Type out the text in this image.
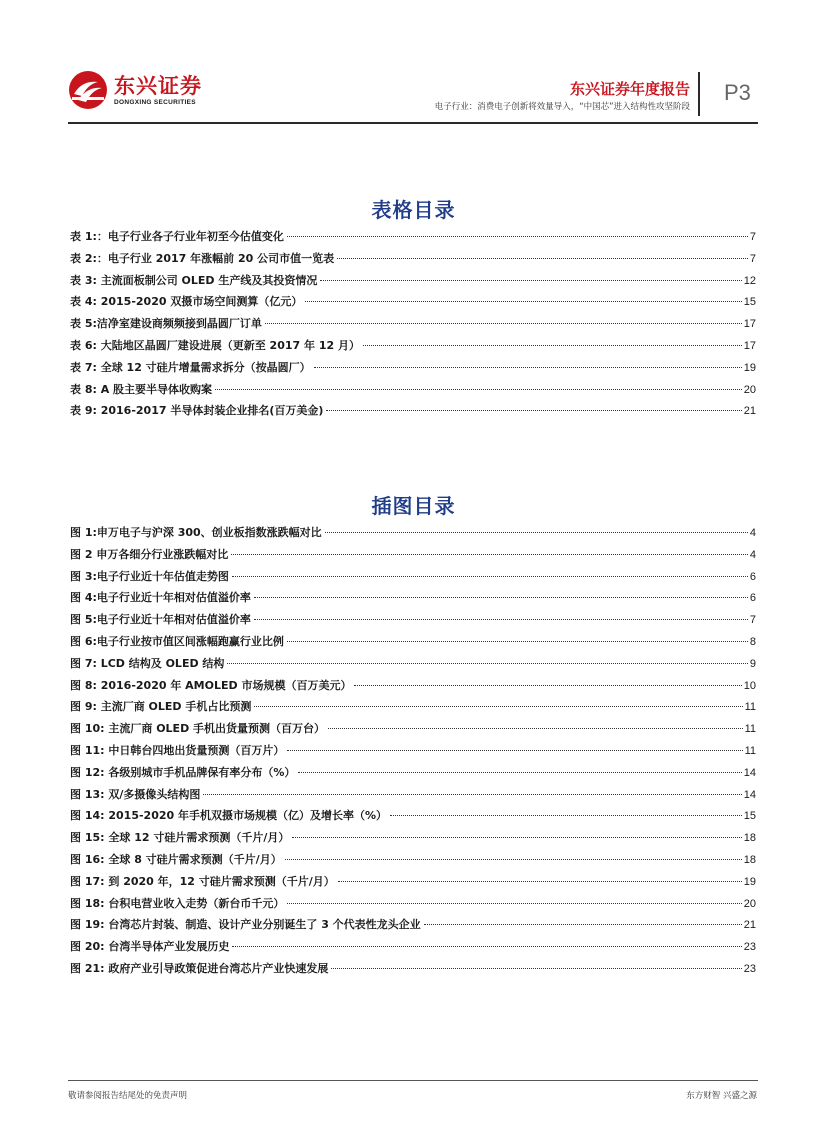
东兴证券
DONGXING SECURITIES
东兴证券年度报告
电子行业：消费电子创新将效量导入，“中国芯”进入结构性攻坚阶段
P3
表格目录
表 1:：电子行业各子行业年初至今估值变化	7
表 2:：电子行业 2017 年涨幅前 20 公司市值一览表	7
表 3: 主流面板制公司 OLED 生产线及其投资情况	12
表 4: 2015-2020 双摄市场空间测算（亿元）	15
表 5:洁净室建设商频频接到晶圆厂订单	17
表 6: 大陆地区晶圆厂建设进展（更新至 2017 年 12 月）	17
表 7: 全球 12 寸硅片增量需求拆分（按晶圆厂）	19
表 8: A 股主要半导体收购案	20
表 9: 2016-2017 半导体封装企业排名(百万美金)	21
插图目录
图 1:申万电子与沪深 300、创业板指数涨跌幅对比	4
图 2 申万各细分行业涨跌幅对比	4
图 3:电子行业近十年估值走势图	6
图 4:电子行业近十年相对估值溢价率	6
图 5:电子行业近十年相对估值溢价率	7
图 6:电子行业按市值区间涨幅跑赢行业比例	8
图 7: LCD 结构及 OLED 结构	9
图 8: 2016-2020 年 AMOLED 市场规模（百万美元）	10
图 9: 主流厂商 OLED 手机占比预测	11
图 10: 主流厂商 OLED 手机出货量预测（百万台）	11
图 11: 中日韩台四地出货量预测（百万片）	11
图 12: 各级别城市手机品牌保有率分布（%）	14
图 13: 双/多摄像头结构图	14
图 14: 2015-2020 年手机双摄市场规模（亿）及增长率（%）	15
图 15: 全球 12 寸硅片需求预测（千片/月）	18
图 16: 全球 8 寸硅片需求预测（千片/月）	18
图 17: 到 2020 年，12 寸硅片需求预测（千片/月）	19
图 18: 台积电营业收入走势（新台币千元）	20
图 19: 台湾芯片封装、制造、设计产业分别诞生了 3 个代表性龙头企业	21
图 20: 台湾半导体产业发展历史	23
图 21: 政府产业引导政策促进台湾芯片产业快速发展	23
敬请参阅报告结尾处的免责声明	东方财智 兴盛之源
